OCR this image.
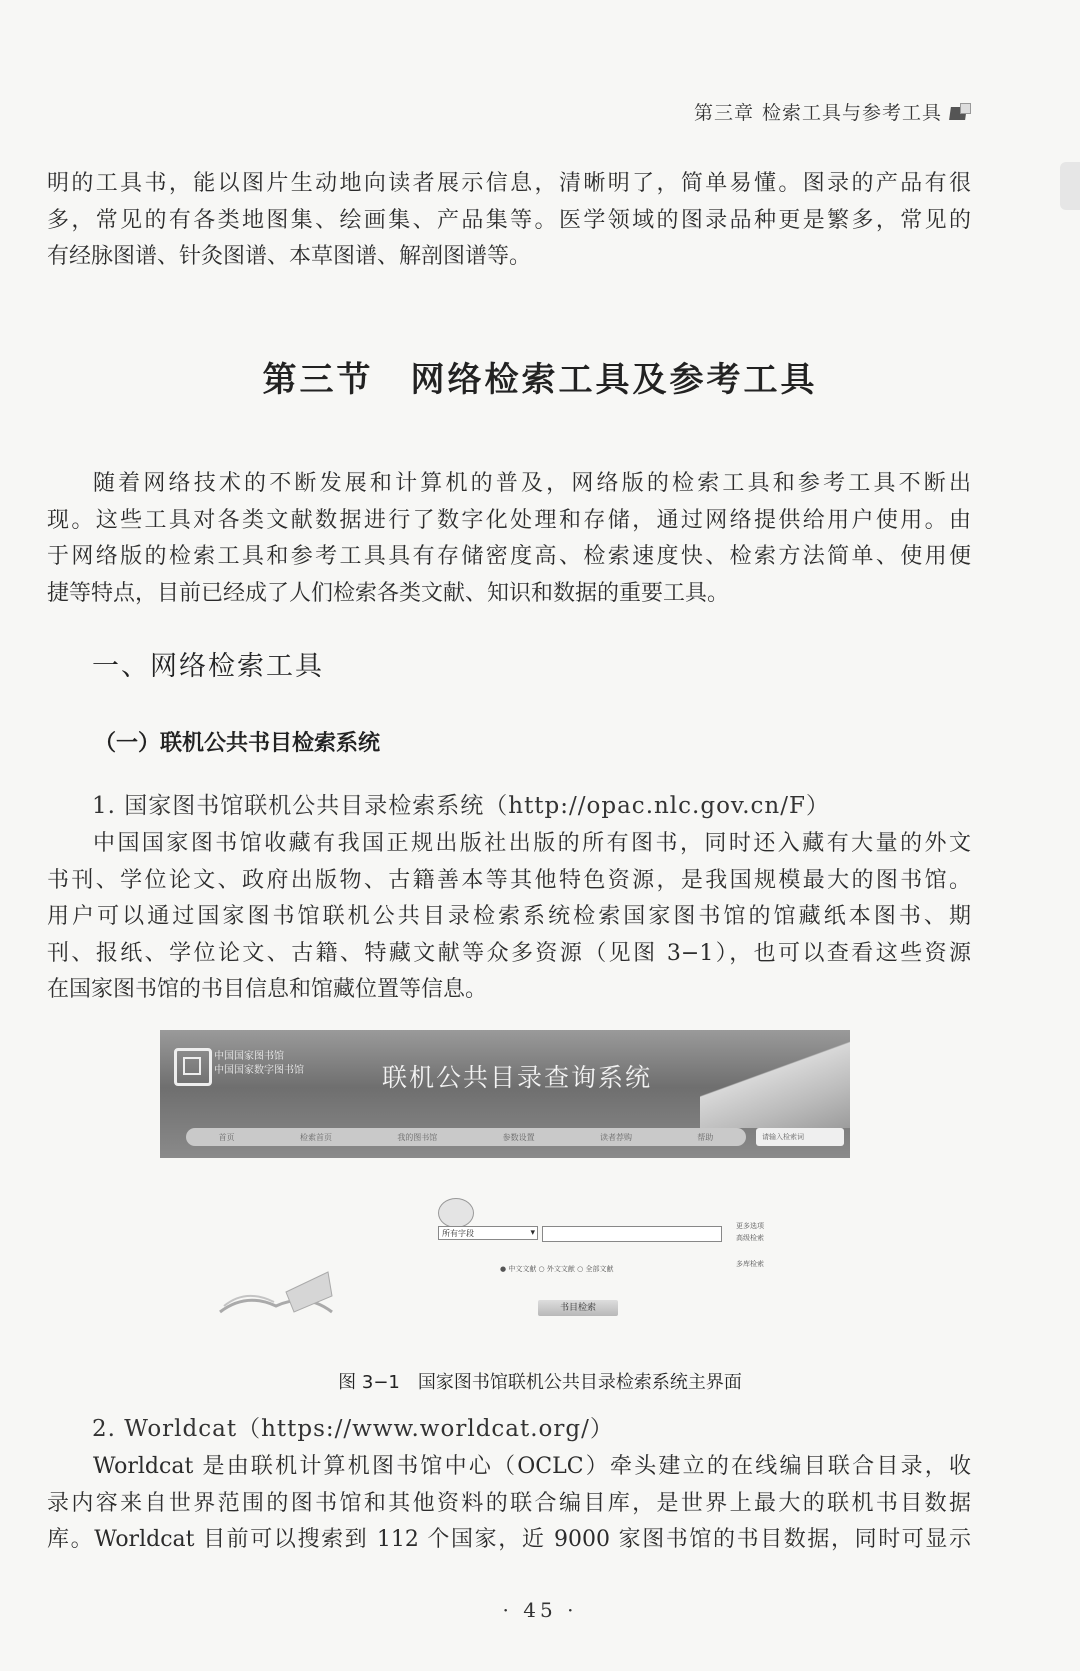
第三章 检索工具与参考工具

明的工具书，能以图片生动地向读者展示信息，清晰明了，简单易懂。图录的产品有很
多，常见的有各类地图集、绘画集、产品集等。医学领域的图录品种更是繁多，常见的
有经脉图谱、针灸图谱、本草图谱、解剖图谱等。

第三节　网络检索工具及参考工具

随着网络技术的不断发展和计算机的普及，网络版的检索工具和参考工具不断出
现。这些工具对各类文献数据进行了数字化处理和存储，通过网络提供给用户使用。由
于网络版的检索工具和参考工具具有存储密度高、检索速度快、检索方法简单、使用便
捷等特点，目前已经成了人们检索各类文献、知识和数据的重要工具。

一、网络检索工具
（一）联机公共书目检索系统
1. 国家图书馆联机公共目录检索系统（http://opac.nlc.gov.cn/F）

中国国家图书馆收藏有我国正规出版社出版的所有图书，同时还入藏有大量的外文
书刊、学位论文、政府出版物、古籍善本等其他特色资源，是我国规模最大的图书馆。
用户可以通过国家图书馆联机公共目录检索系统检索国家图书馆的馆藏纸本图书、期
刊、报纸、学位论文、古籍、特藏文献等众多资源（见图 3−1），也可以查看这些资源
在国家图书馆的书目信息和馆藏位置等信息。

中国国家图书馆
中国国家数字图书馆	联机公共目录查询系统
首页	检索首页	我的图书馆	参数设置	读者荐购	帮助	请输入检索词
所有字段 ▾
更多选项
高级检索
多库检索
● 中文文献 ○ 外文文献 ○ 全部文献
书目检索
图 3−1　国家图书馆联机公共目录检索系统主界面
2. Worldcat（https://www.worldcat.org/）

Worldcat 是由联机计算机图书馆中心（OCLC）牵头建立的在线编目联合目录，收
录内容来自世界范围的图书馆和其他资料的联合编目库，是世界上最大的联机书目数据
库。Worldcat 目前可以搜索到 112 个国家，近 9000 家图书馆的书目数据，同时可显示

· 45 ·
